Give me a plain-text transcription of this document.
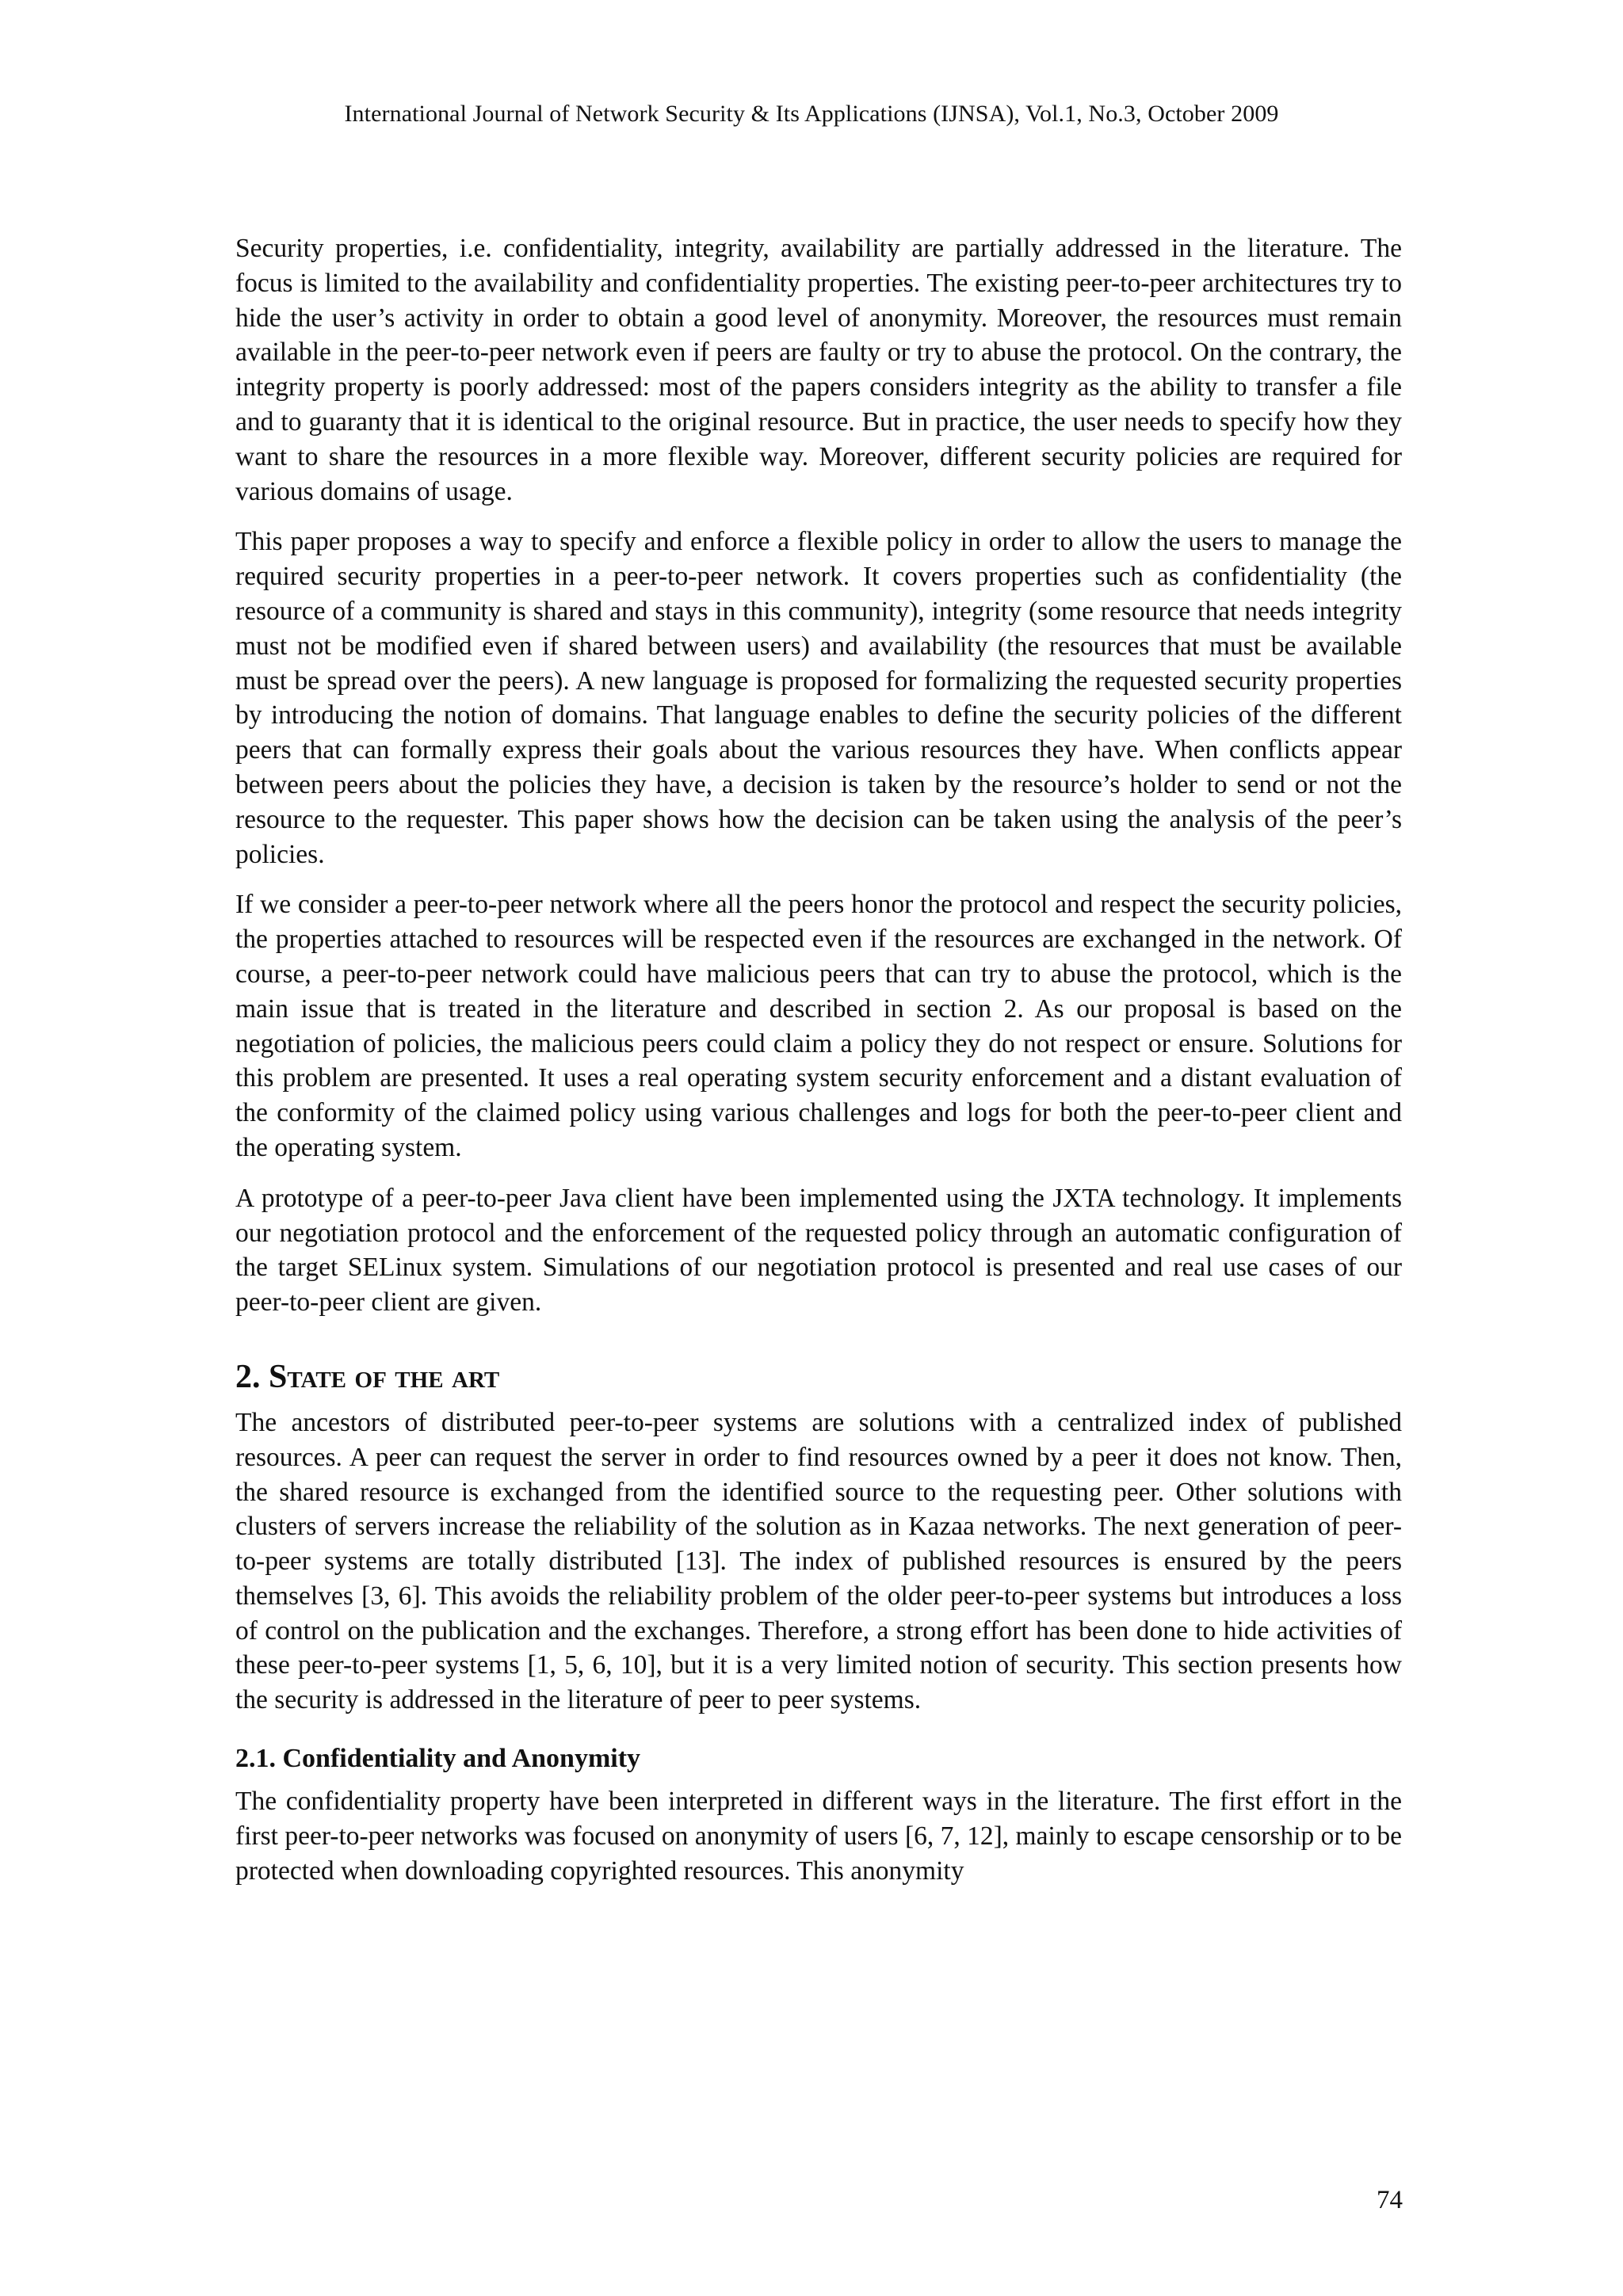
International Journal of Network Security & Its Applications (IJNSA), Vol.1, No.3, October 2009

Security properties, i.e. confidentiality, integrity, availability are partially addressed in the literature. The focus is limited to the availability and confidentiality properties. The existing peer-to-peer architectures try to hide the user’s activity in order to obtain a good level of anonymity. Moreover, the resources must remain available in the peer-to-peer network even if peers are faulty or try to abuse the protocol. On the contrary, the integrity property is poorly addressed: most of the papers considers integrity as the ability to transfer a file and to guaranty that it is identical to the original resource. But in practice, the user needs to specify how they want to share the resources in a more flexible way. Moreover, different security policies are required for various domains of usage.

This paper proposes a way to specify and enforce a flexible policy in order to allow the users to manage the required security properties in a peer-to-peer network. It covers properties such as confidentiality (the resource of a community is shared and stays in this community), integrity (some resource that needs integrity must not be modified even if shared between users) and availability (the resources that must be available must be spread over the peers). A new language is proposed for formalizing the requested security properties by introducing the notion of domains. That language enables to define the security policies of the different peers that can formally express their goals about the various resources they have. When conflicts appear between peers about the policies they have, a decision is taken by the resource’s holder to send or not the resource to the requester. This paper shows how the decision can be taken using the analysis of the peer’s policies.

If we consider a peer-to-peer network where all the peers honor the protocol and respect the security policies, the properties attached to resources will be respected even if the resources are exchanged in the network. Of course, a peer-to-peer network could have malicious peers that can try to abuse the protocol, which is the main issue that is treated in the literature and described in section 2. As our proposal is based on the negotiation of policies, the malicious peers could claim a policy they do not respect or ensure. Solutions for this problem are presented. It uses a real operating system security enforcement and a distant evaluation of the conformity of the claimed policy using various challenges and logs for both the peer-to-peer client and the operating system.

A prototype of a peer-to-peer Java client have been implemented using the JXTA technology. It implements our negotiation protocol and the enforcement of the requested policy through an automatic configuration of the target SELinux system. Simulations of our negotiation protocol is presented and real use cases of our peer-to-peer client are given.

2. State of the art

The ancestors of distributed peer-to-peer systems are solutions with a centralized index of published resources. A peer can request the server in order to find resources owned by a peer it does not know. Then, the shared resource is exchanged from the identified source to the requesting peer. Other solutions with clusters of servers increase the reliability of the solution as in Kazaa networks. The next generation of peer-to-peer systems are totally distributed [13]. The index of published resources is ensured by the peers themselves [3, 6]. This avoids the reliability problem of the older peer-to-peer systems but introduces a loss of control on the publication and the exchanges. Therefore, a strong effort has been done to hide activities of these peer-to-peer systems [1, 5, 6, 10], but it is a very limited notion of security. This section presents how the security is addressed in the literature of peer to peer systems.

2.1. Confidentiality and Anonymity

The confidentiality property have been interpreted in different ways in the literature. The first effort in the first peer-to-peer networks was focused on anonymity of users [6, 7, 12], mainly to escape censorship or to be protected when downloading copyrighted resources. This anonymity

74
